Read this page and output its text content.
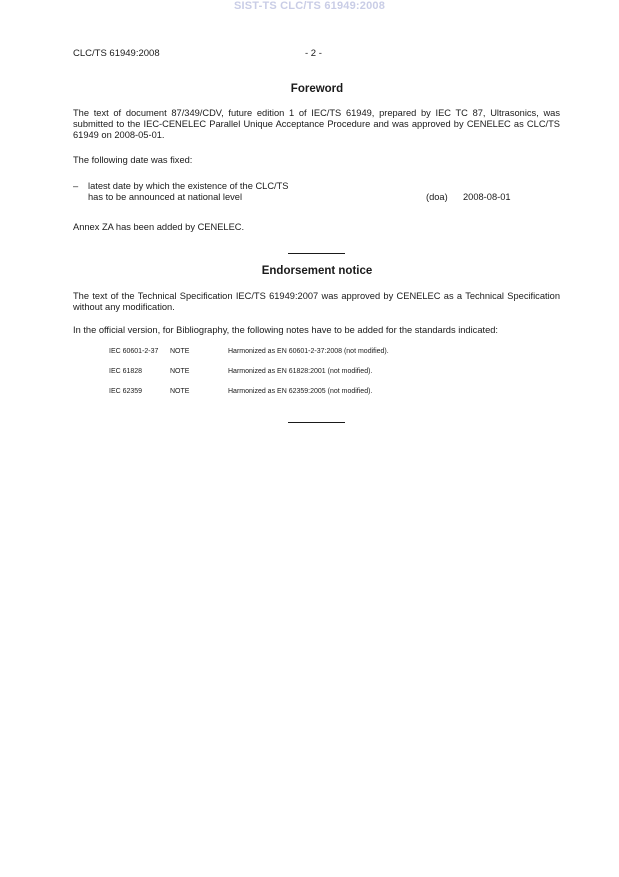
SIST-TS CLC/TS 61949:2008
CLC/TS 61949:2008	- 2 -
Foreword
The text of document 87/349/CDV, future edition 1 of IEC/TS 61949, prepared by IEC TC 87, Ultrasonics, was submitted to the IEC-CENELEC Parallel Unique Acceptance Procedure and was approved by CENELEC as CLC/TS 61949 on 2008-05-01.
The following date was fixed:
– latest date by which the existence of the CLC/TS
has to be announced at national level	(doa) 2008-08-01
Annex ZA has been added by CENELEC.
Endorsement notice
The text of the Technical Specification IEC/TS 61949:2007 was approved by CENELEC as a Technical Specification without any modification.
In the official version, for Bibliography, the following notes have to be added for the standards indicated:
IEC 60601-2-37 NOTE	Harmonized as EN 60601-2-37:2008 (not modified).
IEC 61828	NOTE	Harmonized as EN 61828:2001 (not modified).
IEC 62359	NOTE	Harmonized as EN 62359:2005 (not modified).
